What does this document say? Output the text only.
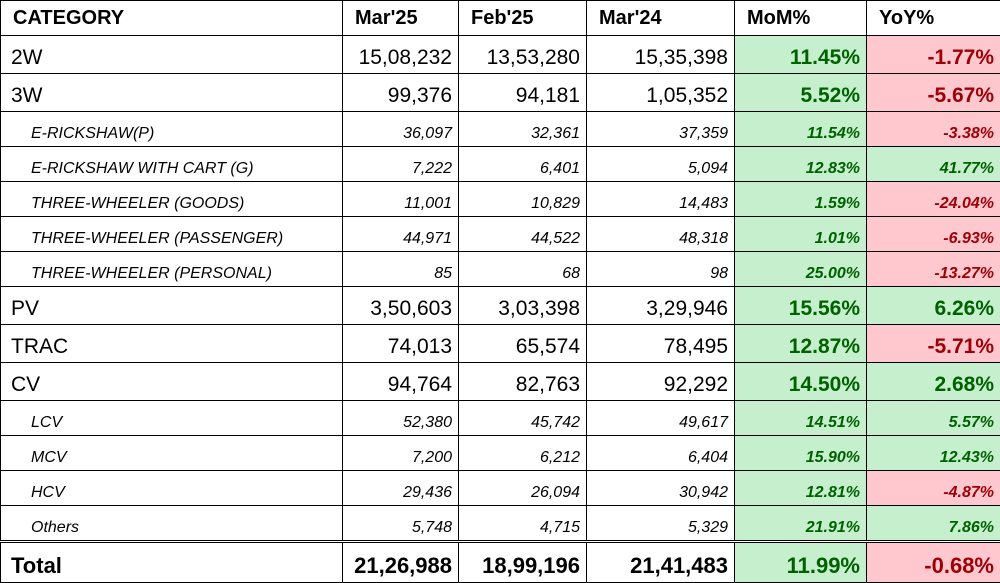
CATEGORY	Mar'25	Feb'25	Mar'24	MoM%	YoY%
2W	15,08,232	13,53,280	15,35,398	11.45%	-1.77%
3W	99,376	94,181	1,05,352	5.52%	-5.67%
E-RICKSHAW(P)	36,097	32,361	37,359	11.54%	-3.38%
E-RICKSHAW WITH CART (G)	7,222	6,401	5,094	12.83%	41.77%
THREE-WHEELER (GOODS)	11,001	10,829	14,483	1.59%	-24.04%
THREE-WHEELER (PASSENGER)	44,971	44,522	48,318	1.01%	-6.93%
THREE-WHEELER (PERSONAL)	85	68	98	25.00%	-13.27%
PV	3,50,603	3,03,398	3,29,946	15.56%	6.26%
TRAC	74,013	65,574	78,495	12.87%	-5.71%
CV	94,764	82,763	92,292	14.50%	2.68%
LCV	52,380	45,742	49,617	14.51%	5.57%
MCV	7,200	6,212	6,404	15.90%	12.43%
HCV	29,436	26,094	30,942	12.81%	-4.87%
Others	5,748	4,715	5,329	21.91%	7.86%
Total	21,26,988	18,99,196	21,41,483	11.99%	-0.68%
